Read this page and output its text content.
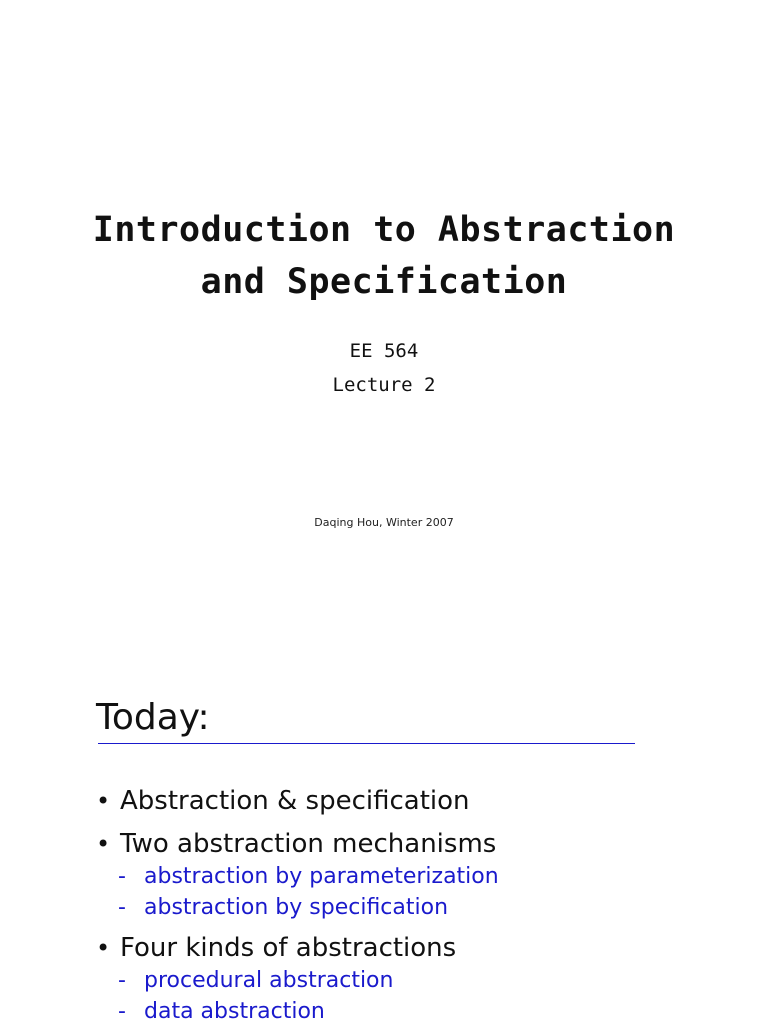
Introduction to Abstraction
and Specification
EE 564
Lecture 2
Daqing Hou, Winter 2007
Today:
• Abstraction & specification
• Two abstraction mechanisms
- abstraction by parameterization
- abstraction by specification
• Four kinds of abstractions
- procedural abstraction
- data abstraction
